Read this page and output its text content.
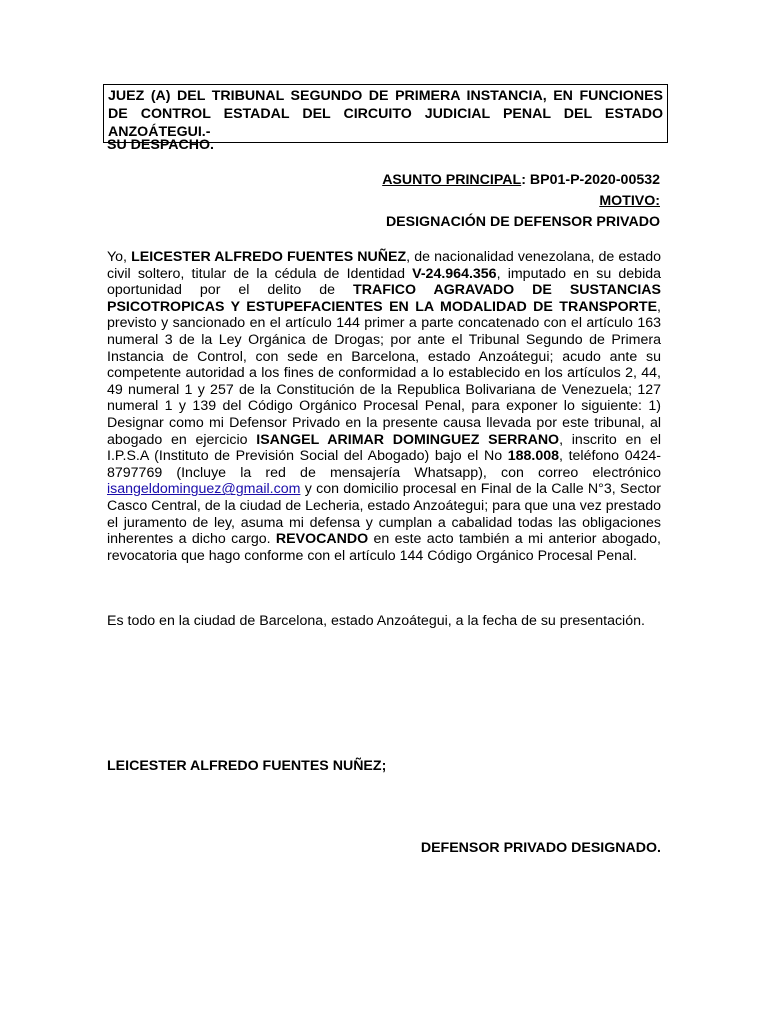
JUEZ (A) DEL TRIBUNAL SEGUNDO DE PRIMERA INSTANCIA, EN FUNCIONES DE CONTROL ESTADAL DEL CIRCUITO JUDICIAL PENAL DEL ESTADO ANZOÁTEGUI.-
SU DESPACHO.
ASUNTO PRINCIPAL: BP01-P-2020-00532
MOTIVO:
DESIGNACIÓN DE DEFENSOR PRIVADO
Yo, LEICESTER ALFREDO FUENTES NUÑEZ, de nacionalidad venezolana, de estado civil soltero, titular de la cédula de Identidad V-24.964.356, imputado en su debida oportunidad por el delito de TRAFICO AGRAVADO DE SUSTANCIAS PSICOTROPICAS Y ESTUPEFACIENTES EN LA MODALIDAD DE TRANSPORTE, previsto y sancionado en el artículo 144 primer a parte concatenado con el artículo 163 numeral 3 de la Ley Orgánica de Drogas; por ante el Tribunal Segundo de Primera Instancia de Control, con sede en Barcelona, estado Anzoátegui; acudo ante su competente autoridad a los fines de conformidad a lo establecido en los artículos 2, 44, 49 numeral 1 y 257 de la Constitución de la Republica Bolivariana de Venezuela; 127 numeral 1 y 139 del Código Orgánico Procesal Penal, para exponer lo siguiente: 1) Designar como mi Defensor Privado en la presente causa llevada por este tribunal, al abogado en ejercicio ISANGEL ARIMAR DOMINGUEZ SERRANO, inscrito en el I.P.S.A (Instituto de Previsión Social del Abogado) bajo el No 188.008, teléfono 0424-8797769 (Incluye la red de mensajería Whatsapp), con correo electrónico isangeldominguez@gmail.com y con domicilio procesal en Final de la Calle N°3, Sector Casco Central, de la ciudad de Lecheria, estado Anzoátegui; para que una vez prestado el juramento de ley, asuma mi defensa y cumplan a cabalidad todas las obligaciones inherentes a dicho cargo. REVOCANDO en este acto también a mi anterior abogado, revocatoria que hago conforme con el artículo 144 Código Orgánico Procesal Penal.
Es todo en la ciudad de Barcelona, estado Anzoátegui, a la fecha de su presentación.
LEICESTER ALFREDO FUENTES NUÑEZ;
DEFENSOR PRIVADO DESIGNADO.
